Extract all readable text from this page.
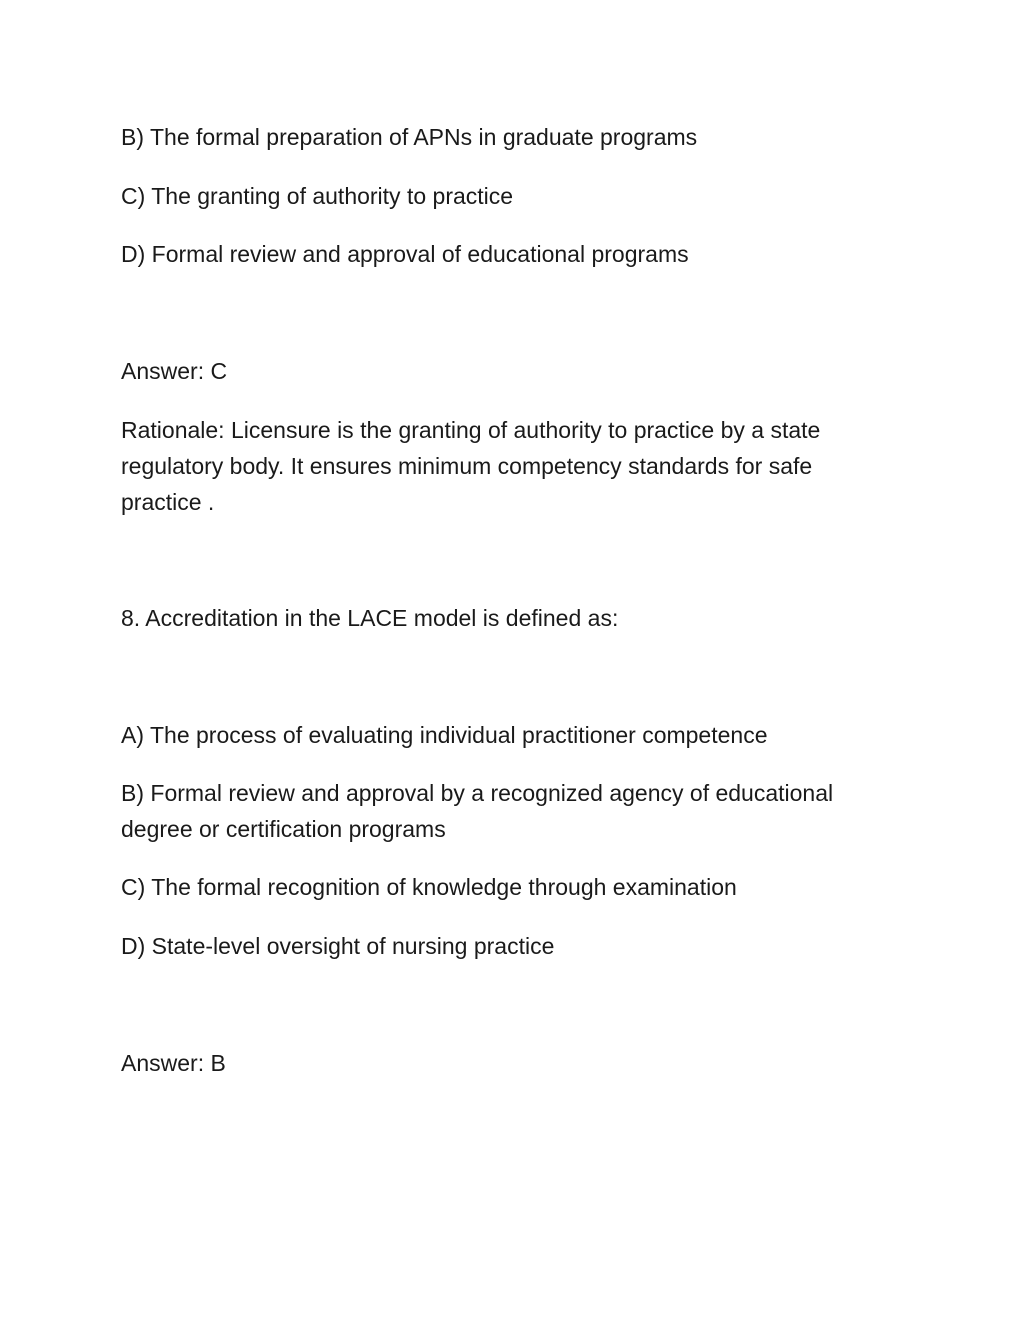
B) The formal preparation of APNs in graduate programs

C) The granting of authority to practice

D) Formal review and approval of educational programs

Answer: C

Rationale: Licensure is the granting of authority to practice by a state regulatory body. It ensures minimum competency standards for safe practice .

8. Accreditation in the LACE model is defined as:

A) The process of evaluating individual practitioner competence

B) Formal review and approval by a recognized agency of educational degree or certification programs

C) The formal recognition of knowledge through examination

D) State-level oversight of nursing practice

Answer: B
